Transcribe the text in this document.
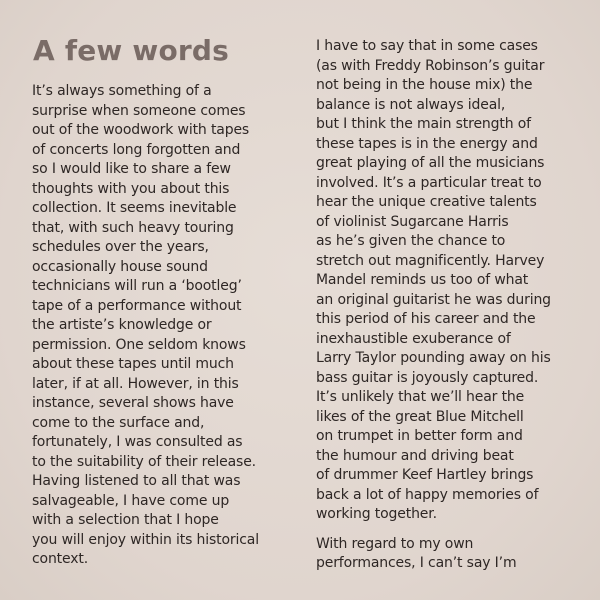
A few words
It’s always something of a
surprise when someone comes
out of the woodwork with tapes
of concerts long forgotten and
so I would like to share a few
thoughts with you about this
collection. It seems inevitable
that, with such heavy touring
schedules over the years,
occasionally house sound
technicians will run a ‘bootleg’
tape of a performance without
the artiste’s knowledge or
permission. One seldom knows
about these tapes until much
later, if at all. However, in this
instance, several shows have
come to the surface and,
fortunately, I was consulted as
to the suitability of their release.
Having listened to all that was
salvageable, I have come up
with a selection that I hope
you will enjoy within its historical
context.
I have to say that in some cases
(as with Freddy Robinson’s guitar
not being in the house mix) the
balance is not always ideal,
but I think the main strength of
these tapes is in the energy and
great playing of all the musicians
involved. It’s a particular treat to
hear the unique creative talents
of violinist Sugarcane Harris
as he’s given the chance to
stretch out magnificently. Harvey
Mandel reminds us too of what
an original guitarist he was during
this period of his career and the
inexhaustible exuberance of
Larry Taylor pounding away on his
bass guitar is joyously captured.
It’s unlikely that we’ll hear the
likes of the great Blue Mitchell
on trumpet in better form and
the humour and driving beat
of drummer Keef Hartley brings
back a lot of happy memories of
working together.
With regard to my own
performances, I can’t say I’m
